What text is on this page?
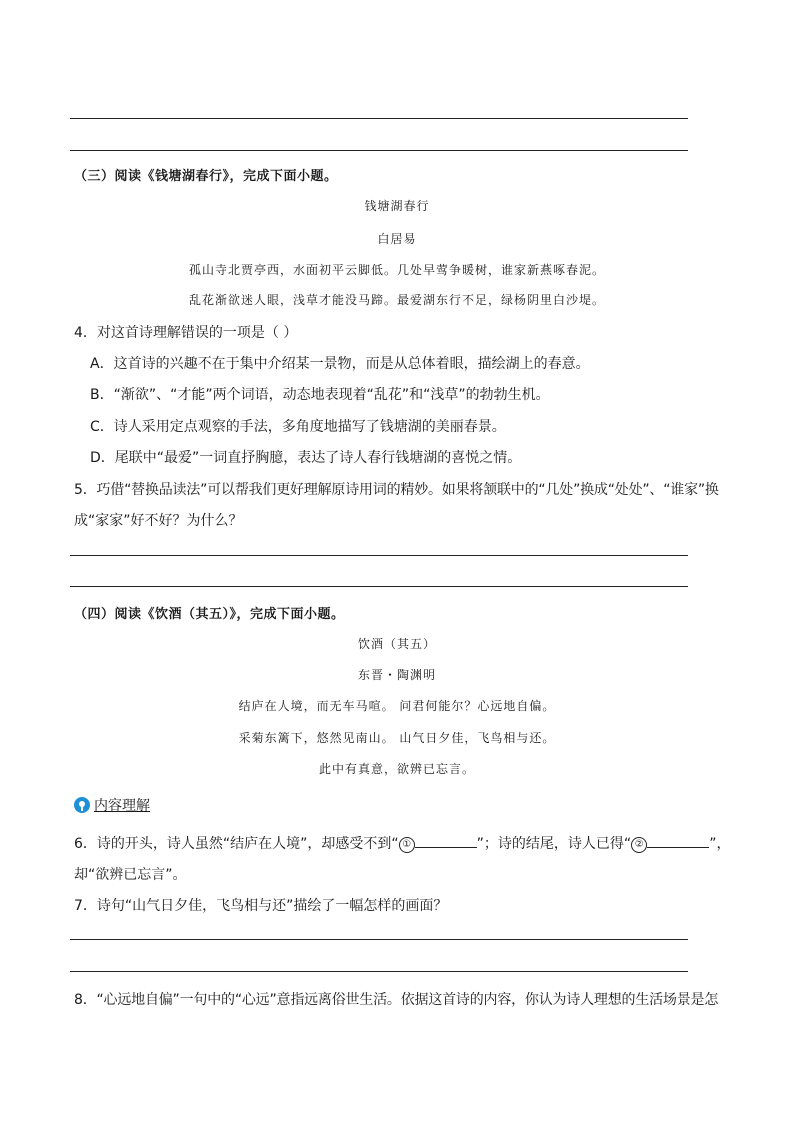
（三）阅读《钱塘湖春行》，完成下面小题。
钱塘湖春行
白居易
孤山寺北贾亭西，水面初平云脚低。几处早莺争暖树，谁家新燕啄春泥。
乱花渐欲迷人眼，浅草才能没马蹄。最爱湖东行不足，绿杨阴里白沙堤。
4．对这首诗理解错误的一项是（ ）
A．这首诗的兴趣不在于集中介绍某一景物，而是从总体着眼，描绘湖上的春意。
B．“渐欲”、“才能”两个词语，动态地表现着“乱花”和“浅草”的勃勃生机。
C．诗人采用定点观察的手法，多角度地描写了钱塘湖的美丽春景。
D．尾联中“最爱”一词直抒胸臆，表达了诗人春行钱塘湖的喜悦之情。
5．巧借“替换品读法”可以帮我们更好理解原诗用词的精妙。如果将颔联中的“几处”换成“处处”、“谁家”换
成“家家”好不好？为什么？
（四）阅读《饮酒（其五）》，完成下面小题。
饮酒（其五）
东晋・陶渊明
结庐在人境，而无车马喧。 问君何能尔？心远地自偏。
采菊东篱下，悠然见南山。 山气日夕佳，飞鸟相与还。
此中有真意，欲辨已忘言。
内容理解
6．诗的开头，诗人虽然“结庐在人境”，却感受不到“ ①	”；诗的结尾，诗人已得“ ②	”，
却“欲辨已忘言”。
7．诗句“山气日夕佳，飞鸟相与还”描绘了一幅怎样的画面？
8．“心远地自偏”一句中的“心远”意指远离俗世生活。依据这首诗的内容，你认为诗人理想的生活场景是怎
